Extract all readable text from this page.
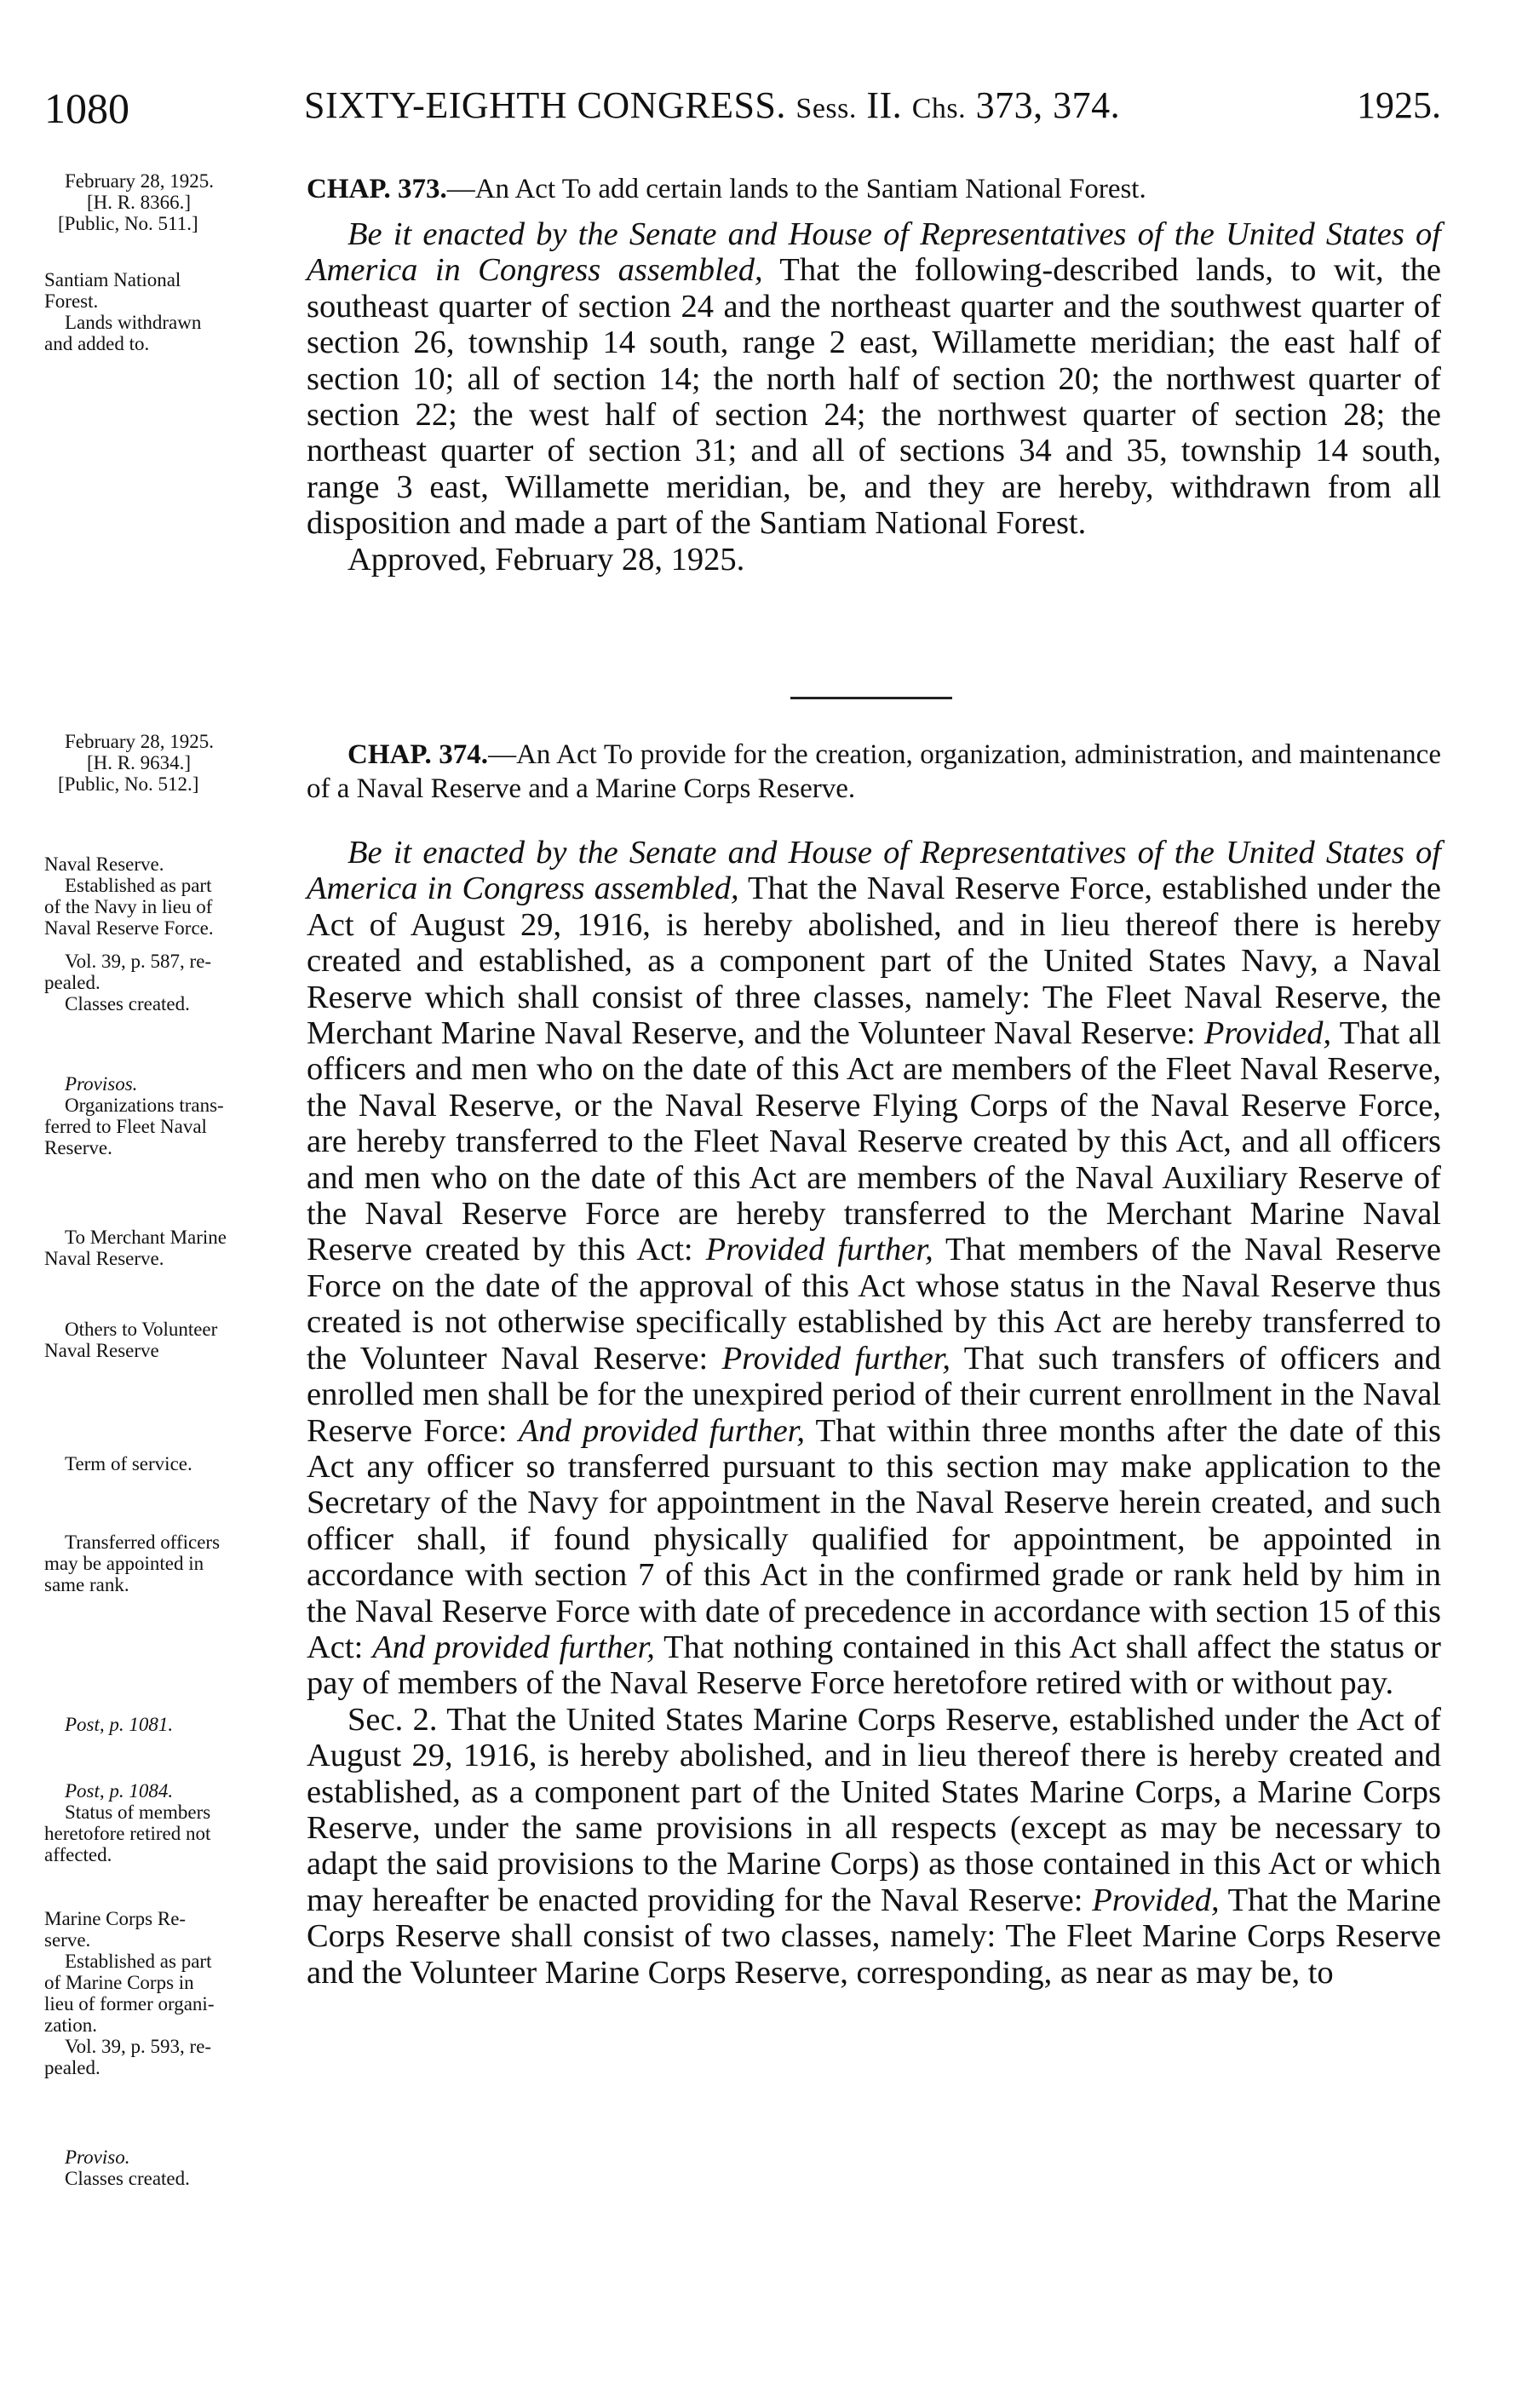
1080	SIXTY-EIGHTH CONGRESS. Sess. II. Chs. 373, 374.	1925.
February 28, 1925.
[H. R. 8366.]
[Public, No. 511.]
Santiam National
Forest.
Lands withdrawn
and added to.

CHAP. 373.—An Act To add certain lands to the Santiam National Forest.

Be it enacted by the Senate and House of Representatives of the United States of America in Congress assembled, That the following-described lands, to wit, the southeast quarter of section 24 and the northeast quarter and the southwest quarter of section 26, township 14 south, range 2 east, Willamette meridian; the east half of section 10; all of section 14; the north half of section 20; the northwest quarter of section 22; the west half of section 24; the northwest quarter of section 28; the northeast quarter of section 31; and all of sections 34 and 35, township 14 south, range 3 east, Willamette meridian, be, and they are hereby, withdrawn from all disposition and made a part of the Santiam National Forest.

Approved, February 28, 1925.

February 28, 1925.
[H. R. 9634.]
[Public, No. 512.]
Naval Reserve.
Established as part
of the Navy in lieu of
Naval Reserve Force.
Vol. 39, p. 587, re-
pealed.
Classes created.
Provisos.
Organizations trans-
ferred to Fleet Naval
Reserve.
To Merchant Marine
Naval Reserve.
Others to Volunteer
Naval Reserve
Term of service.
Transferred officers
may be appointed in
same rank.
Post, p. 1081.
Post, p. 1084.
Status of members
heretofore retired not
affected.
Marine Corps Re-
serve.
Established as part
of Marine Corps in
lieu of former organi-
zation.
Vol. 39, p. 593, re-
pealed.
Proviso.
Classes created.

CHAP. 374.—An Act To provide for the creation, organization, administration, and maintenance of a Naval Reserve and a Marine Corps Reserve.

Be it enacted by the Senate and House of Representatives of the United States of America in Congress assembled, That the Naval Reserve Force, established under the Act of August 29, 1916, is hereby abolished, and in lieu thereof there is hereby created and established, as a component part of the United States Navy, a Naval Reserve which shall consist of three classes, namely: The Fleet Naval Reserve, the Merchant Marine Naval Reserve, and the Volunteer Naval Reserve: Provided, That all officers and men who on the date of this Act are members of the Fleet Naval Reserve, the Naval Reserve, or the Naval Reserve Flying Corps of the Naval Reserve Force, are hereby transferred to the Fleet Naval Reserve created by this Act, and all officers and men who on the date of this Act are members of the Naval Auxiliary Reserve of the Naval Reserve Force are hereby transferred to the Merchant Marine Naval Reserve created by this Act: Provided further, That members of the Naval Reserve Force on the date of the approval of this Act whose status in the Naval Reserve thus created is not otherwise specifically established by this Act are hereby transferred to the Volunteer Naval Reserve: Provided further, That such transfers of officers and enrolled men shall be for the unexpired period of their current enrollment in the Naval Reserve Force: And provided further, That within three months after the date of this Act any officer so transferred pursuant to this section may make application to the Secretary of the Navy for appointment in the Naval Reserve herein created, and such officer shall, if found physically qualified for appointment, be appointed in accordance with section 7 of this Act in the confirmed grade or rank held by him in the Naval Reserve Force with date of precedence in accordance with section 15 of this Act: And provided further, That nothing contained in this Act shall affect the status or pay of members of the Naval Reserve Force heretofore retired with or without pay.

Sec. 2. That the United States Marine Corps Reserve, established under the Act of August 29, 1916, is hereby abolished, and in lieu thereof there is hereby created and established, as a component part of the United States Marine Corps, a Marine Corps Reserve, under the same provisions in all respects (except as may be necessary to adapt the said provisions to the Marine Corps) as those contained in this Act or which may hereafter be enacted providing for the Naval Reserve: Provided, That the Marine Corps Reserve shall consist of two classes, namely: The Fleet Marine Corps Reserve and the Volunteer Marine Corps Reserve, corresponding, as near as may be, to
